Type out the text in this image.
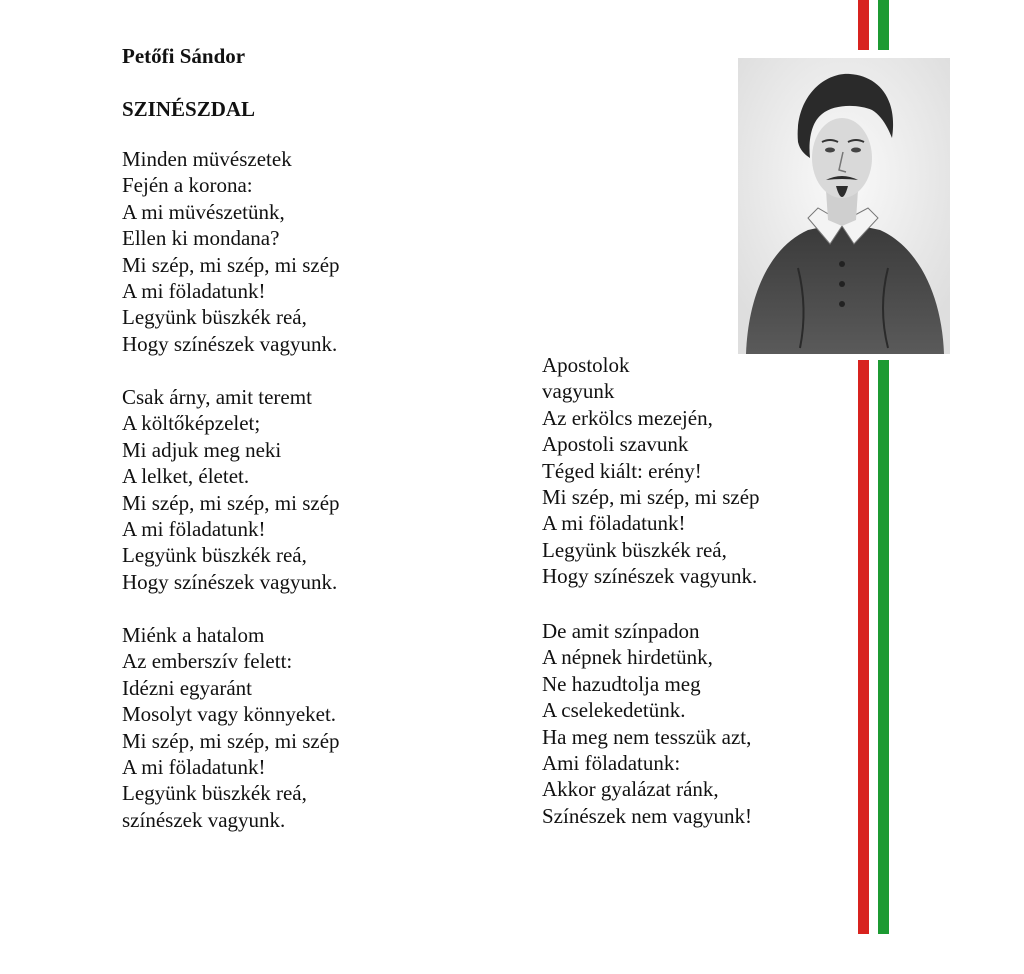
Petőfi Sándor
SZINÉSZDAL
Minden müvészetek
Fején a korona:
A mi müvészetünk,
Ellen ki mondana?
Mi szép, mi szép, mi szép
A mi föladatunk!
Legyünk büszkék reá,
Hogy színészek vagyunk.
Csak árny, amit teremt
A költőképzelet;
Mi adjuk meg neki
A lelket, életet.
Mi szép, mi szép, mi szép
A mi föladatunk!
Legyünk büszkék reá,
Hogy színészek vagyunk.
Miénk a hatalom
Az emberszív felett:
Idézni egyaránt
Mosolyt vagy könnyeket.
Mi szép, mi szép, mi szép
A mi föladatunk!
Legyünk büszkék reá,
színészek vagyunk.
Apostolok
vagyunk
Az erkölcs mezején,
Apostoli szavunk
Téged kiált: erény!
Mi szép, mi szép, mi szép
A mi föladatunk!
Legyünk büszkék reá,
Hogy színészek vagyunk.
De amit színpadon
A népnek hirdetünk,
Ne hazudtolja meg
A cselekedetünk.
Ha meg nem tesszük azt,
Ami föladatunk:
Akkor gyalázat ránk,
Színészek nem vagyunk!
